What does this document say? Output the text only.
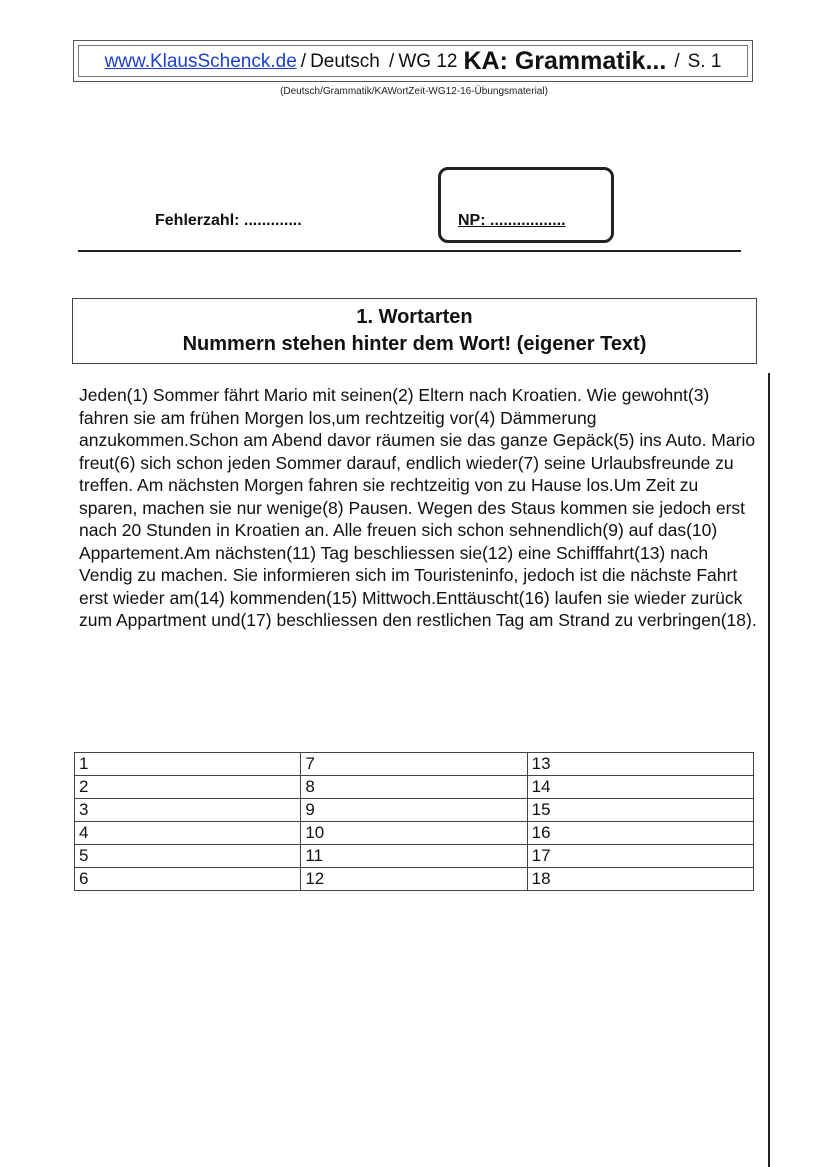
www.KlausSchenck.de / Deutsch / WG 12 KA: Grammatik... / S. 1
(Deutsch/Grammatik/KAWortZeit-WG12-16-Übungsmaterial)
Fehlerzahl: .............	NP: .................
1. Wortarten
Nummern stehen hinter dem Wort! (eigener Text)
Jeden(1) Sommer fährt Mario mit seinen(2) Eltern nach Kroatien. Wie gewohnt(3) fahren sie am frühen Morgen los,um rechtzeitig vor(4) Dämmerung anzukommen.Schon am Abend davor räumen sie das ganze Gepäck(5) ins Auto. Mario freut(6) sich schon jeden Sommer darauf, endlich wieder(7) seine Urlaubsfreunde zu treffen. Am nächsten Morgen fahren sie rechtzeitig von zu Hause los.Um Zeit zu sparen, machen sie nur wenige(8) Pausen. Wegen des Staus kommen sie jedoch erst nach 20 Stunden in Kroatien an. Alle freuen sich schon sehnendlich(9) auf das(10) Appartement.Am nächsten(11) Tag beschliessen sie(12) eine Schifffahrt(13) nach Vendig zu machen. Sie informieren sich im Touristeninfo, jedoch ist die nächste Fahrt erst wieder am(14) kommenden(15) Mittwoch.Enttäuscht(16) laufen sie wieder zurück zum Appartment und(17) beschliessen den restlichen Tag am Strand zu verbringen(18).
1	7	13
2	8	14
3	9	15
4	10	16
5	11	17
6	12	18
